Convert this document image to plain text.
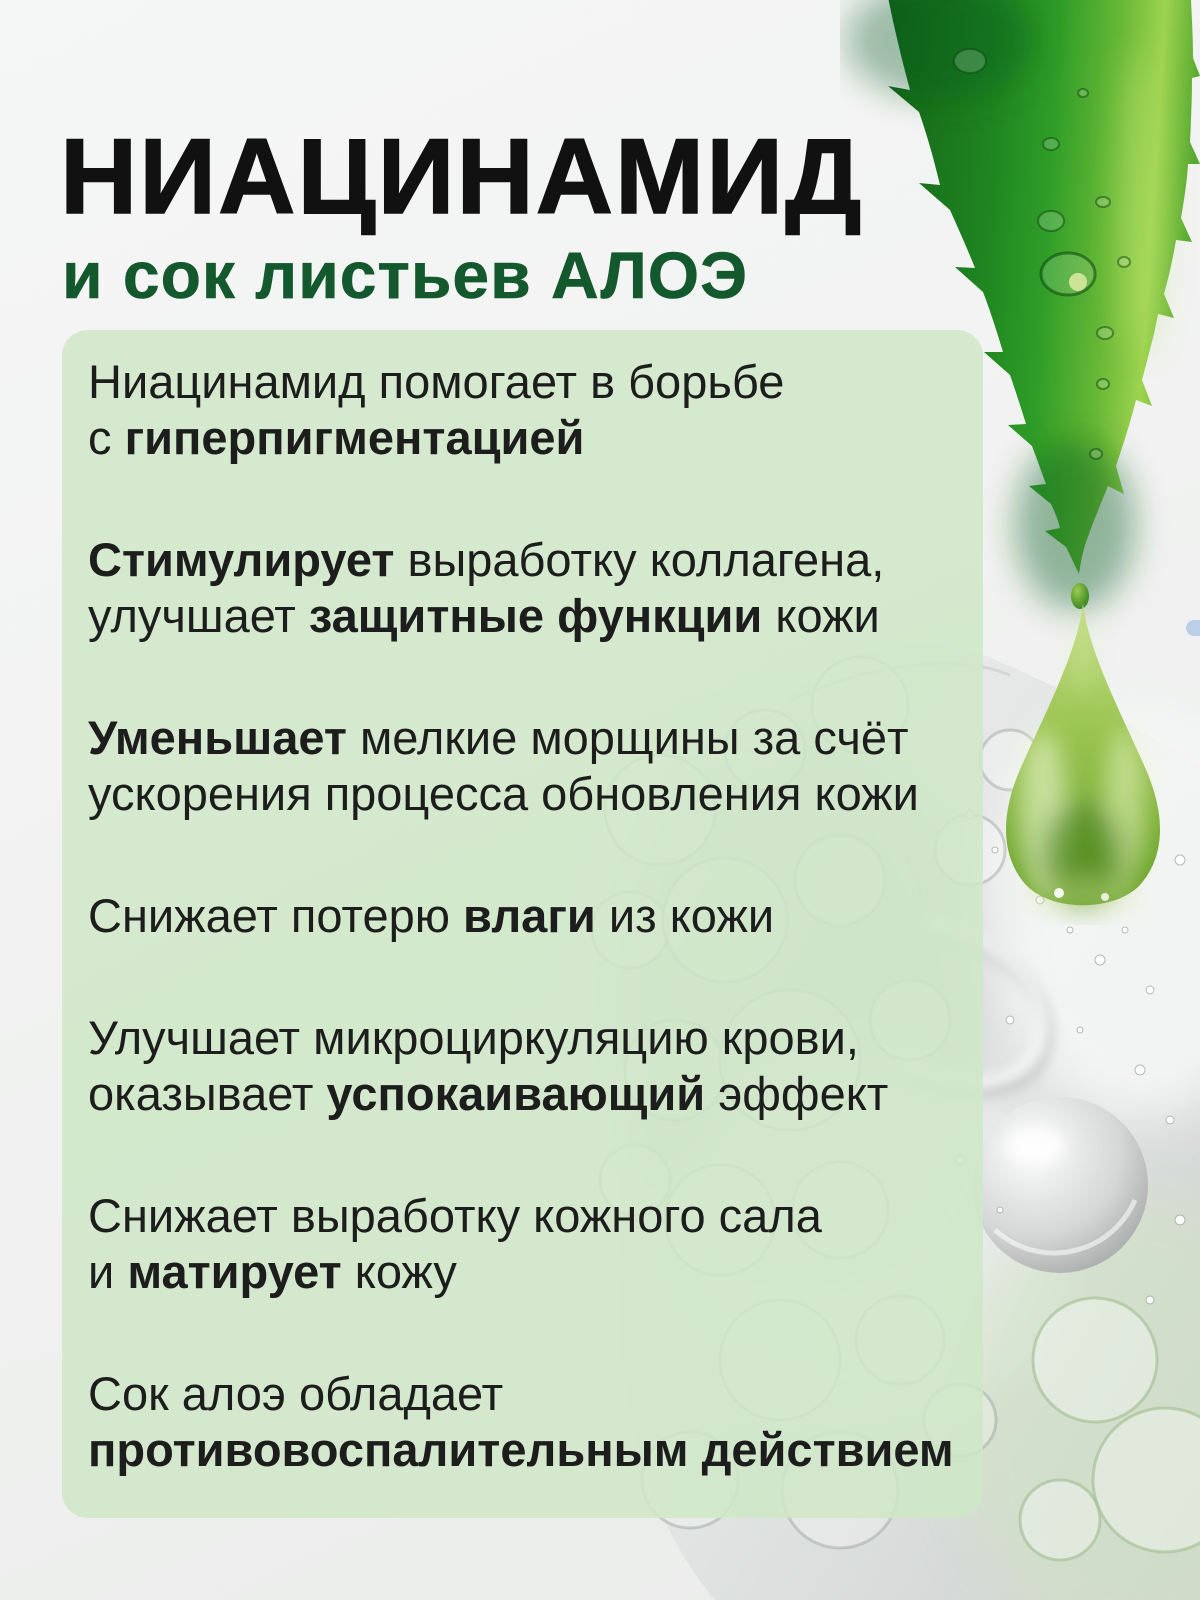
НИАЦИНАМИД
и сок листьев АЛОЭ
Ниацинамид помогает в борьбе
с гиперпигментацией
Стимулирует выработку коллагена,
улучшает защитные функции кожи
Уменьшает мелкие морщины за счёт
ускорения процесса обновления кожи
Снижает потерю влаги из кожи
Улучшает микроциркуляцию крови,
оказывает успокаивающий эффект
Снижает выработку кожного сала
и матирует кожу
Сок алоэ обладает
противовоспалительным действием
